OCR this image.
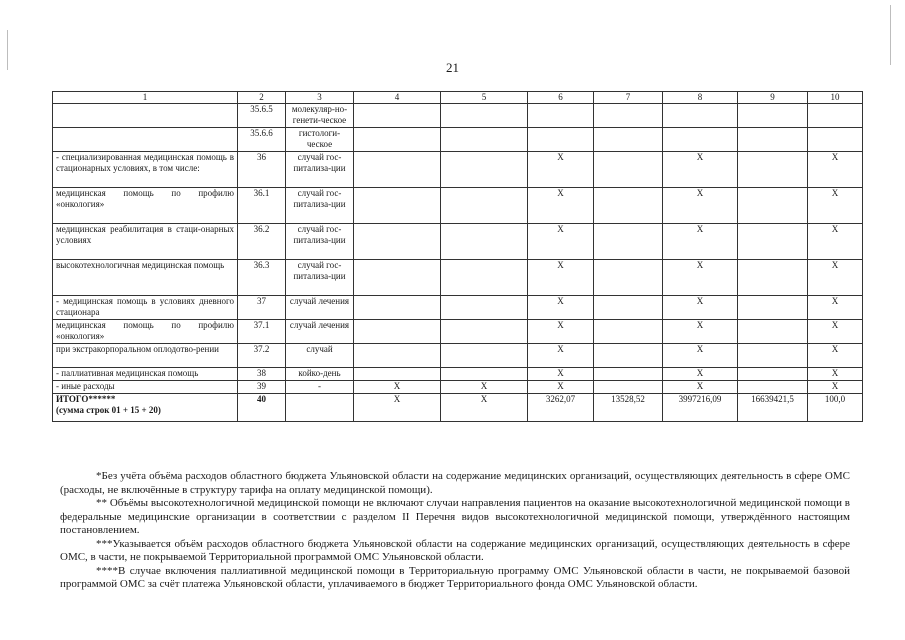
21
1	2	3	4	5	6	7	8	9	10
	35.6.5	молекуляр-но-генети-ческое							
	35.6.6	гистологи-ческое							
- специализированная медицинская помощь в стационарных условиях, в том числе:	36	случай гос-питализа-ции			X		X		X
медицинская помощь по профилю «онкология»	36.1	случай гос-питализа-ции			X		X		X
медицинская реабилитация в стаци-онарных условиях	36.2	случай гос-питализа-ции			X		X		X
высокотехнологичная медицинская помощь	36.3	случай гос-питализа-ции			X		X		X
- медицинская помощь в условиях дневного стационара	37	случай лечения			X		X		X
медицинская помощь по профилю «онкология»	37.1	случай лечения			X		X		X
при экстракорпоральном оплодотво-рении	37.2	случай			X		X		X
- паллиативная медицинская помощь	38	койко-день			X		X		X
- иные расходы	39	-	X	X	X		X		X

ИТОГО******
(сумма строк 01 + 15 + 20)	40		X	X	3262,07	13528,52	3997216,09	16639421,5	100,0

*Без учёта объёма расходов областного бюджета Ульяновской области на содержание медицинских организаций, осуществляющих деятельность в сфере ОМС (расходы, не включённые в структуру тарифа на оплату медицинской помощи).

** Объёмы высокотехнологичной медицинской помощи не включают случаи направления пациентов на оказание высокотехнологичной медицинской помощи в федеральные медицинские организации в соответствии с разделом II Перечня видов высокотехнологичной медицинской помощи, утверждённого настоящим постановлением.

***Указывается объём расходов областного бюджета Ульяновской области на содержание медицинских организаций, осуществляющих деятельность в сфере ОМС, в части, не покрываемой Территориальной программой ОМС Ульяновской области.

****В случае включения паллиативной медицинской помощи в Территориальную программу ОМС Ульяновской области в части, не покрываемой базовой программой ОМС за счёт платежа Ульяновской области, уплачиваемого в бюджет Территориального фонда ОМС Ульяновской области.
